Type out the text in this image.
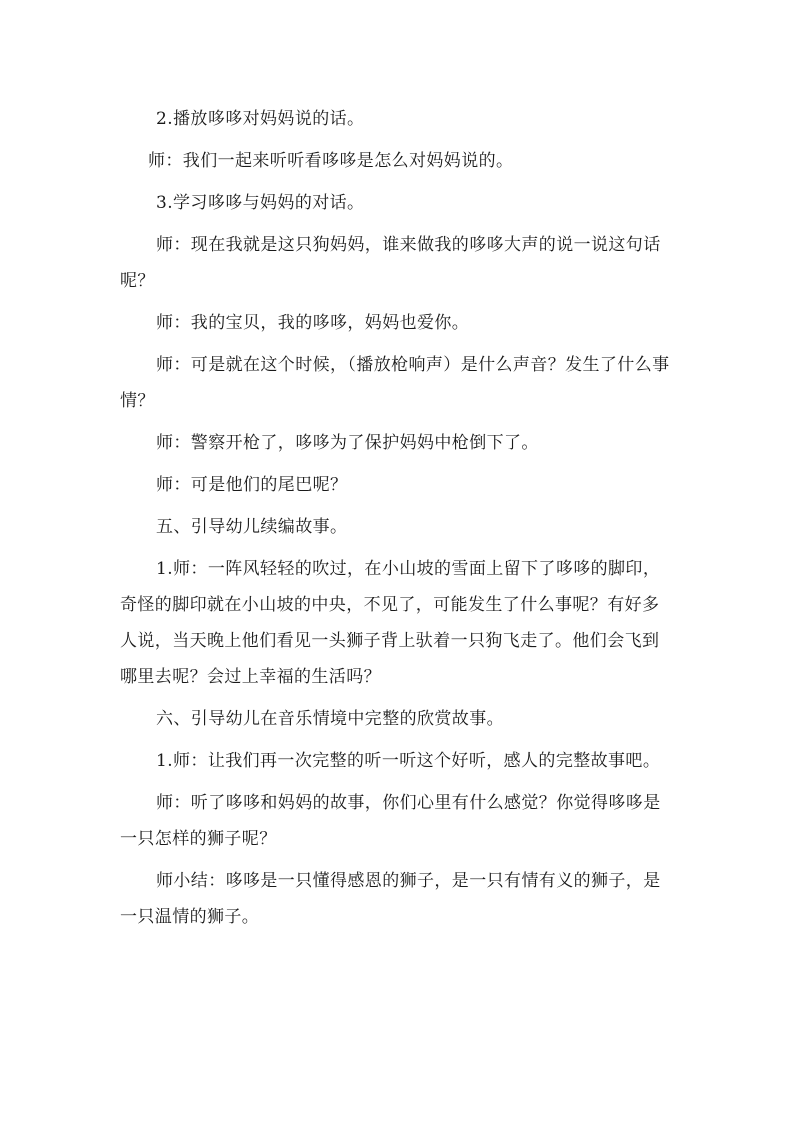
2.播放哆哆对妈妈说的话。

师：我们一起来听听看哆哆是怎么对妈妈说的。

3.学习哆哆与妈妈的对话。

师：现在我就是这只狗妈妈，谁来做我的哆哆大声的说一说这句话呢？

师：我的宝贝，我的哆哆，妈妈也爱你。

师：可是就在这个时候，（播放枪响声）是什么声音？发生了什么事情？

师：警察开枪了，哆哆为了保护妈妈中枪倒下了。

师：可是他们的尾巴呢？

五、引导幼儿续编故事。

1.师：一阵风轻轻的吹过，在小山坡的雪面上留下了哆哆的脚印，奇怪的脚印就在小山坡的中央，不见了，可能发生了什么事呢？有好多人说，当天晚上他们看见一头狮子背上驮着一只狗飞走了。他们会飞到哪里去呢？会过上幸福的生活吗？

六、引导幼儿在音乐情境中完整的欣赏故事。

1.师：让我们再一次完整的听一听这个好听，感人的完整故事吧。

师：听了哆哆和妈妈的故事，你们心里有什么感觉？你觉得哆哆是一只怎样的狮子呢？

师小结：哆哆是一只懂得感恩的狮子，是一只有情有义的狮子，是一只温情的狮子。
